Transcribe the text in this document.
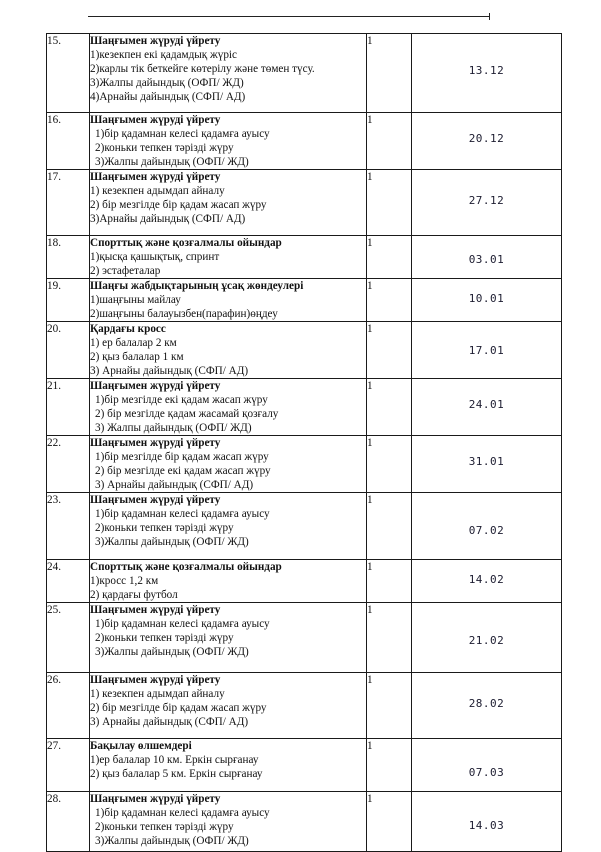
15.	Шаңғымен жүруді үйрету
1)кезекпен екі қадамдық жүріс
2)карлы тік беткейге көтерілу және төмен түсу.
3)Жалпы дайындық (ОФП/ ЖД)
4)Арнайы дайындық (СФП/ АД)	1	13.12

16.	Шаңғымен жүруді үйрету
1)бір қадамнан келесі қадамға ауысу
2)коньки тепкен тәрізді жүру
3)Жалпы дайындық (ОФП/ ЖД)	1	20.12

17.	Шаңғымен жүруді үйрету
1) кезекпен адымдап айналу
2) бір мезгілде бір қадам жасап жүру
3)Арнайы дайындық (СФП/ АД)	1	27.12

18.	Спорттық және қозғалмалы ойындар
1)қысқа қашықтық, спринт
2) эстафеталар	1	03.01

19.	Шаңғы жабдықтарының ұсақ жөндеулері
1)шаңғыны майлау
2)шаңғыны балауызбен(парафин)өңдеу	1	10.01

20.	Қардағы кросс
1) ер балалар 2 км
2) қыз балалар 1 км
3) Арнайы дайындық (СФП/ АД)	1	17.01

21.	Шаңғымен жүруді үйрету
1)бір мезгілде екі қадам жасап жүру
2) бір мезгілде қадам жасамай қозғалу
3) Жалпы дайындық (ОФП/ ЖД)	1	24.01

22.	Шаңғымен жүруді үйрету
1)бір мезгілде бір қадам жасап жүру
2) бір мезгілде екі қадам жасап жүру
3) Арнайы дайындық (СФП/ АД)	1	31.01

23.	Шаңғымен жүруді үйрету
1)бір қадамнан келесі қадамға ауысу
2)коньки тепкен тәрізді жүру
3)Жалпы дайындық (ОФП/ ЖД)	1	07.02

24.	Спорттық және қозғалмалы ойындар
1)кросс 1,2 км
2) қардағы футбол	1	14.02

25.	Шаңғымен жүруді үйрету
1)бір қадамнан келесі қадамға ауысу
2)коньки тепкен тәрізді жүру
3)Жалпы дайындық (ОФП/ ЖД)	1	21.02

26.	Шаңғымен жүруді үйрету
1) кезекпен адымдап айналу
2) бір мезгілде бір қадам жасап жүру
3) Арнайы дайындық (СФП/ АД)	1	28.02

27.	Бақылау өлшемдері
1)ер балалар 10 км. Еркін сырғанау
2) қыз балалар 5 км. Еркін сырғанау	1	07.03

28.	Шаңғымен жүруді үйрету
1)бір қадамнан келесі қадамға ауысу
2)коньки тепкен тәрізді жүру
3)Жалпы дайындық (ОФП/ ЖД)	1	14.03
